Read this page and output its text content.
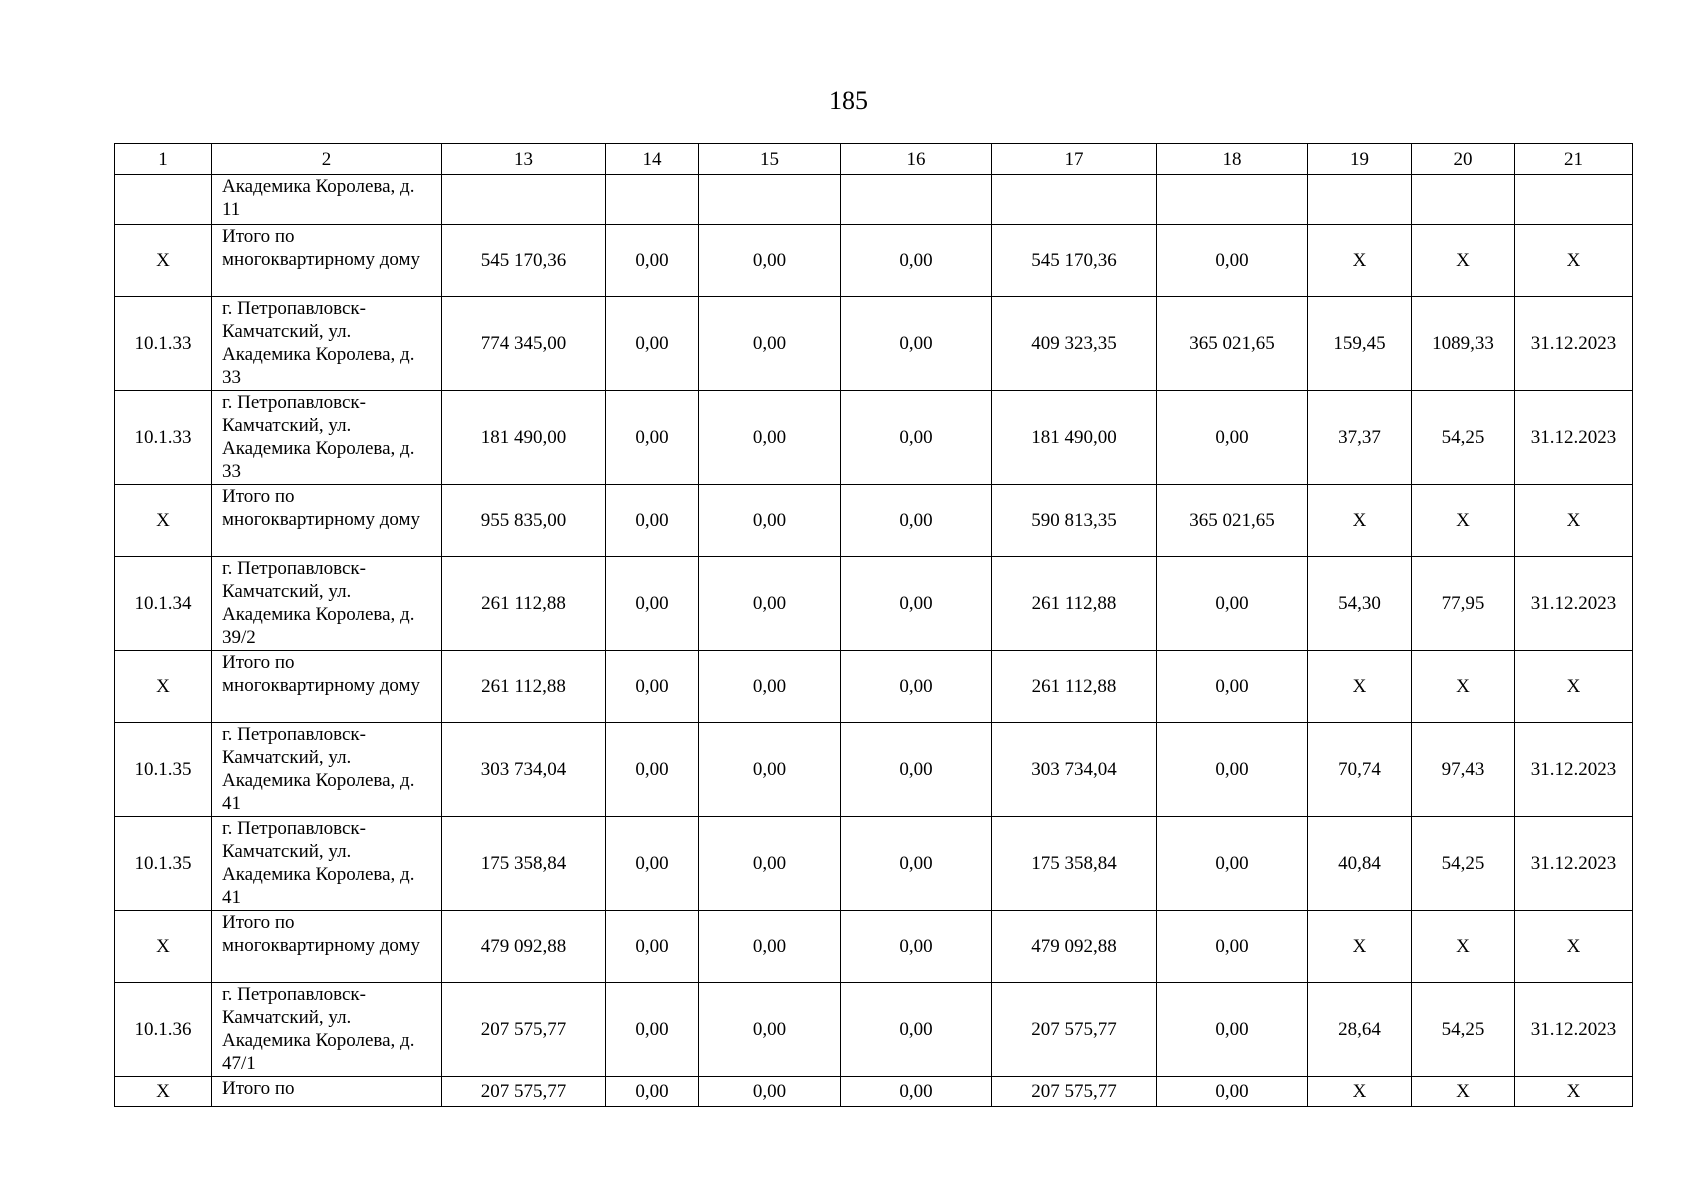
185
1	2	13	14	15	16	17	18	19	20	21
	Академика Королева, д. 11									
X	Итого по многоквартирному дому	545 170,36	0,00	0,00	0,00	545 170,36	0,00	X	X	X
10.1.33	г. Петропавловск-Камчатский, ул. Академика Королева, д. 33	774 345,00	0,00	0,00	0,00	409 323,35	365 021,65	159,45	1089,33	31.12.2023
10.1.33	г. Петропавловск-Камчатский, ул. Академика Королева, д. 33	181 490,00	0,00	0,00	0,00	181 490,00	0,00	37,37	54,25	31.12.2023
X	Итого по многоквартирному дому	955 835,00	0,00	0,00	0,00	590 813,35	365 021,65	X	X	X
10.1.34	г. Петропавловск-Камчатский, ул. Академика Королева, д. 39/2	261 112,88	0,00	0,00	0,00	261 112,88	0,00	54,30	77,95	31.12.2023
X	Итого по многоквартирному дому	261 112,88	0,00	0,00	0,00	261 112,88	0,00	X	X	X
10.1.35	г. Петропавловск-Камчатский, ул. Академика Королева, д. 41	303 734,04	0,00	0,00	0,00	303 734,04	0,00	70,74	97,43	31.12.2023
10.1.35	г. Петропавловск-Камчатский, ул. Академика Королева, д. 41	175 358,84	0,00	0,00	0,00	175 358,84	0,00	40,84	54,25	31.12.2023
X	Итого по многоквартирному дому	479 092,88	0,00	0,00	0,00	479 092,88	0,00	X	X	X
10.1.36	г. Петропавловск-Камчатский, ул. Академика Королева, д. 47/1	207 575,77	0,00	0,00	0,00	207 575,77	0,00	28,64	54,25	31.12.2023
X	Итого по	207 575,77	0,00	0,00	0,00	207 575,77	0,00	X	X	X
